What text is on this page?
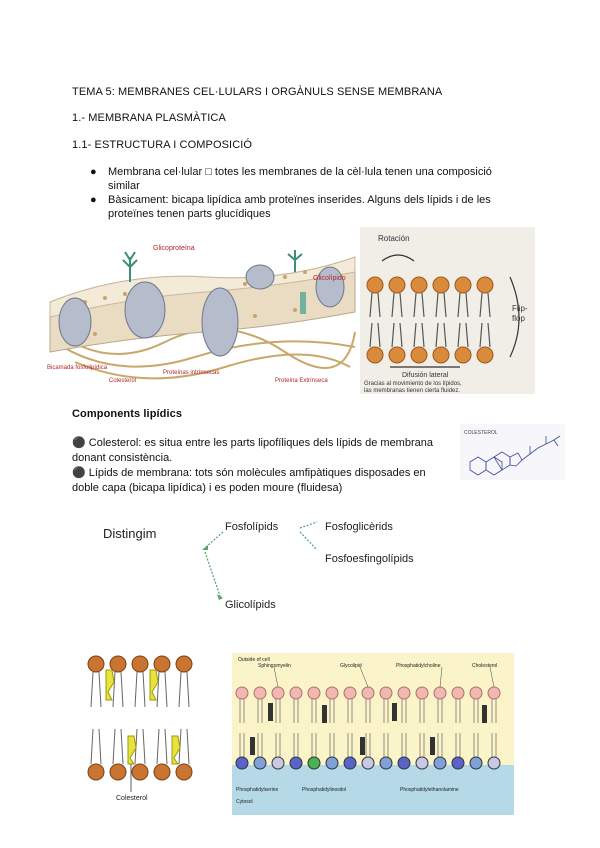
TEMA 5: MEMBRANES CEL·LULARS I ORGÀNULS SENSE MEMBRANA
1.- MEMBRANA PLASMÀTICA
1.1- ESTRUCTURA I COMPOSICIÓ
● Membrana cel·lular □ totes les membranes de la cèl·lula tenen una composició similar
● Bàsicament: bicapa lipídica amb proteïnes inserides. Alguns dels lípids i de les proteïnes tenen parts glucídiques
Glicoproteína
Glicolípido
Bicamada fosfolipídica
Colesterol
Proteínas intrínsecas
Proteína Extrínseca
Rotación
Flip-
flop
Difusión lateral
Gracias al movimiento de los lípidos,
las membranas tienen cierta fluidez.
Components lipídics
⚫ Colesterol: es situa entre les parts lipofíliques dels lípids de membrana donant consistència.
⚫ Lípids de membrana: tots són molècules amfipàtiques disposades en doble capa (bicapa lipídica) i es poden moure (fluidesa)
COLESTEROL
Distingim	Fosfolípids	Fosfoglicèrids
Fosfoesfingolípids
Glicolípids
Colesterol
Outside of cell
Sphingomyelin	Glycolipid	Phosphatidylcholine	Cholesterol
Phosphatidylserine	Phosphatidylinositol	Phosphatidylethanolamine
Cytosol
